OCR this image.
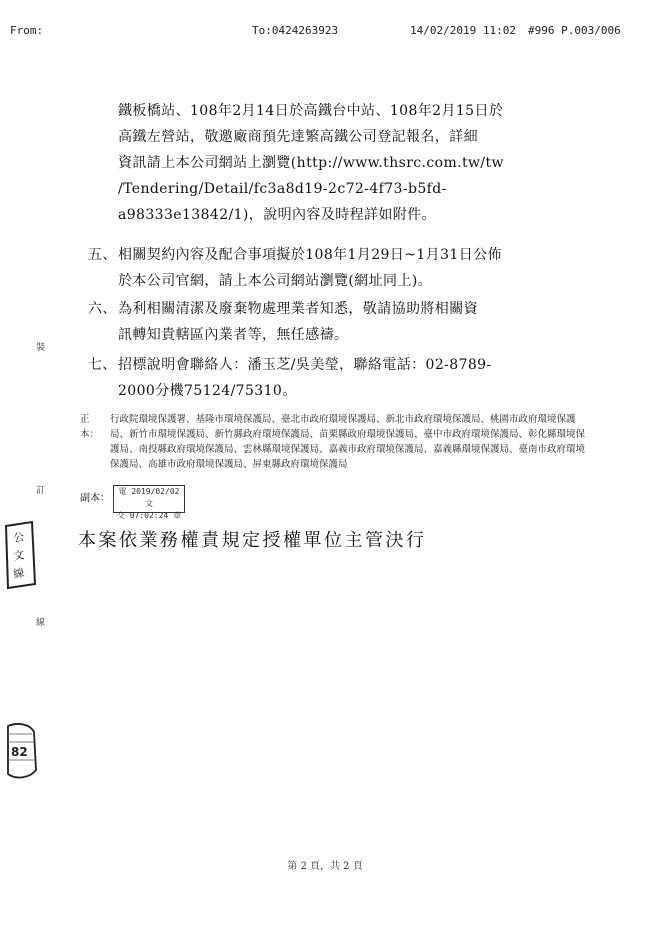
From:	To:0424263923	14/02/2019 11:02 #996 P.003/006
鐵板橋站、108年2月14日於高鐵台中站、108年2月15日於
高鐵左營站，敬邀廠商預先達繁高鐵公司登記報名，詳細
資訊請上本公司網站上瀏覽(http://www.thsrc.com.tw/tw
/Tendering/Detail/fc3a8d19-2c72-4f73-b5fd-
a98333e13842/1)，說明內容及時程詳如附件。
五、相關契約內容及配合事項擬於108年1月29日~1月31日公佈
於本公司官網，請上本公司網站瀏覽(網址同上)。
六、為利相關清潔及廢棄物處理業者知悉，敬請協助將相關資
訊轉知貴轄區內業者等，無任感禱。
七、招標說明會聯絡人：潘玉芝/吳美瑩，聯絡電話：02-8789-
2000分機75124/75310。
正本：
行政院環境保護署、基隆市環境保護局、臺北市政府環境保護局、新北市政府環境保護局、桃園市政府環境保護局、新竹市環境保護局、新竹縣政府環境保護局、苗栗縣政府環境保護局、臺中市政府環境保護局、彰化縣環境保護局、南投縣政府環境保護局、雲林縣環境保護局、嘉義市政府環境保護局、嘉義縣環境保護局、臺南市政府環境保護局、高雄市政府環境保護局、屏東縣政府環境保護局
副本：
電 2019/02/02 文
交 07:02:24 章
本案依業務權責規定授權單位主管決行
裝
訂
線
公
文
線
82
第 2 頁，共 2 頁
